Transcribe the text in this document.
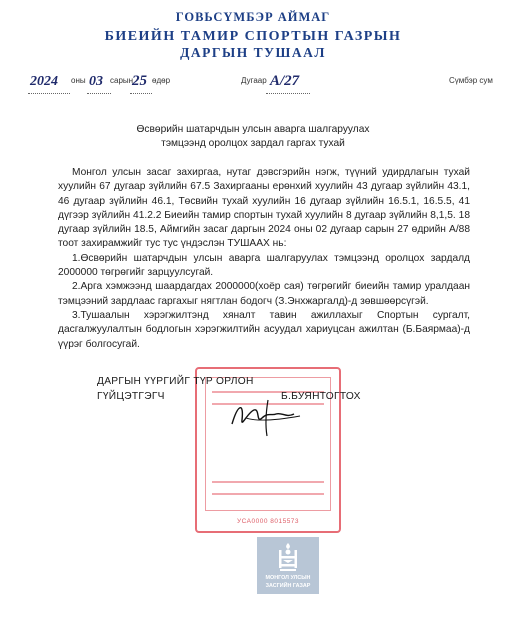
ГОВЬСҮМБЭР АЙМАГ
БИЕИЙН ТАМИР СПОРТЫН ГАЗРЫН
ДАРГЫН ТУШААЛ
2024 оны 03 сарын
25 өдөр	Дугаар A/27	Сүмбэр сум
Өсвөрийн шатарчдын улсын аварга шалгаруулах
тэмцээнд оролцох зардал гаргах тухай
Монгол улсын засаг захиргаа, нутаг дэвсгэрийн нэгж, түүний удирдлагын тухай хуулийн 67 дугаар зүйлийн 67.5 Захиргааны ерөнхий хуулийн 43 дугаар зүйлийн 43.1, 46 дугаар зүйлийн 46.1, Төсвийн тухай хуулийн 16 дугаар зүйлийн 16.5.1, 16.5.5, 41 дүгээр зүйлийн 41.2.2 Биеийн тамир спортын тухай хуулийн 8 дугаар зүйлийн 8,1,5. 18 дугаар зүйлийн 18.5, Аймгийн засаг даргын 2024 оны 02 дугаар сарын 27 өдрийн А/88 тоот захирамжийг тус тус үндэслэн ТУШААХ нь:
1.Өсвөрийн шатарчдын улсын аварга шалгаруулах тэмцээнд оролцох зардалд 2000000 төгрөгийг зарцуулсугай.
2.Арга хэмжээнд шаардагдах 2000000(хоёр сая) төгрөгийг биеийн тамир уралдаан тэмцээний зардлаас гаргахыг нягтлан бодогч (З.Энхжаргалд)-д зөвшөөрсүгэй.
3.Тушаалын хэрэгжилтэнд хяналт тавин ажиллахыг Спортын сургалт, дасгалжуулалтын бодлогын хэрэгжилтийн асуудал хариуцсан ажилтан (Б.Баярмаа)-д үүрэг болгосугай.
УСА0000 8015573
ДАРГЫН ҮҮРГИЙГ ТҮР ОРЛОН
ГҮЙЦЭТГЭГЧ	Б.БУЯНТОГТОХ
МОНГОЛ УЛСЫН
ЗАСГИЙН ГАЗАР
